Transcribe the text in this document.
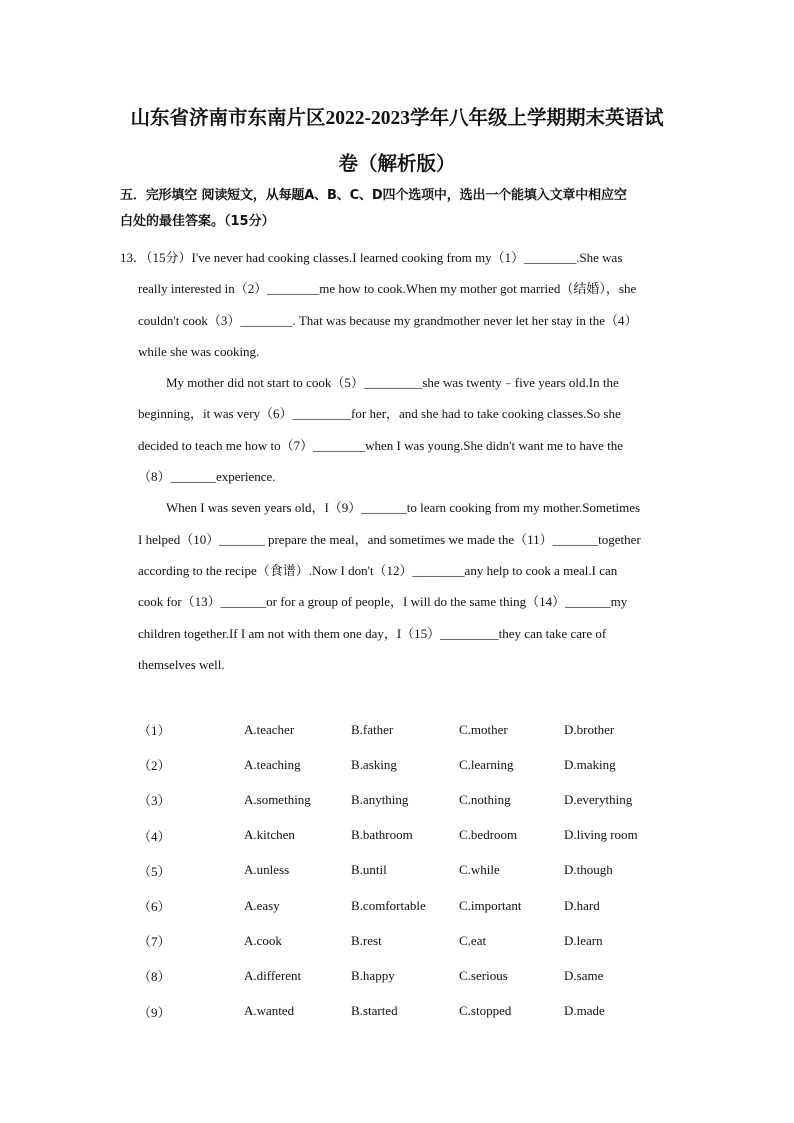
山东省济南市东南片区2022-2023学年八年级上学期期末英语试
卷（解析版）
五．完形填空 阅读短文，从每题A、B、C、D四个选项中，选出一个能填入文章中相应空
白处的最佳答案。（15分）
13．（15分）I've never had cooking classes.I learned cooking from my（1）________.She was
really interested in（2）________me how to cook.When my mother got married（结婚），she
couldn't cook（3）________. That was because my grandmother never let her stay in the（4）
while she was cooking.
My mother did not start to cook（5）_________she was twenty﹣five years old.In the
beginning，it was very（6）_________for her，and she had to take cooking classes.So she
decided to teach me how to（7）________when I was young.She didn't want me to have the
（8）_______experience.
When I was seven years old，I（9）_______to learn cooking from my mother.Sometimes
I helped（10）_______ prepare the meal，and sometimes we made the（11）_______together
according to the recipe（食谱）.Now I don't（12）________any help to cook a meal.I can
cook for（13）_______or for a group of people，I will do the same thing（14）_______my
children together.If I am not with them one day，I（15）_________they can take care of
themselves well.
（1）	A.teacher	B.father	C.mother	D.brother
（2）	A.teaching	B.asking	C.learning	D.making
（3）	A.something	B.anything	C.nothing	D.everything
（4）	A.kitchen	B.bathroom	C.bedroom	D.living room
（5）	A.unless	B.until	C.while	D.though
（6）	A.easy	B.comfortable	C.important	D.hard
（7）	A.cook	B.rest	C.eat	D.learn
（8）	A.different	B.happy	C.serious	D.same
（9）	A.wanted	B.started	C.stopped	D.made
